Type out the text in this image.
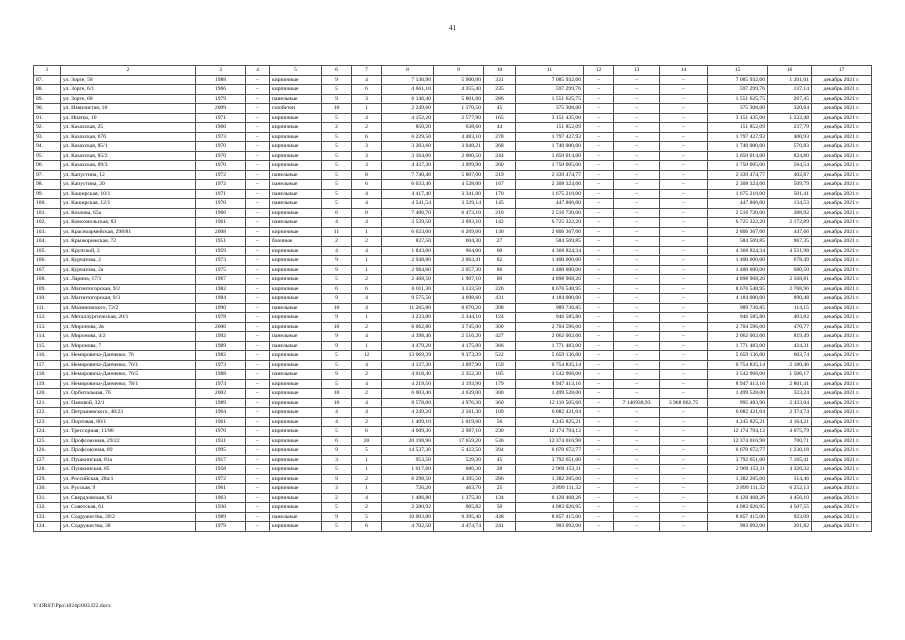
41
1	2	3	4	5	6	7	8	9	10	11	12	13	14	15	16	17
87.	ул. Зорге, 58	1988	–	кирпичные	9	4	7 136,90	5 900,00	331	7 085 932,00	–	–	–	7 085 932,00	1 201,01	декабрь 2021 г.
88.	ул. Зорге, 6/1	1966	–	кирпичные	5	6	4 661,10	4 355,40	235	597 299,76	–	–	–	597 299,76	137,14	декабрь 2021 г.
89.	ул. Зорге, 68	1979	–	панельные	9	3	6 146,40	5 801,60	286	1 551 625,75	–	–	–	1 551 625,75	267,45	декабрь 2021 г.
90.	ул. Извилистая, 10	2009	–	газобетон	10	1	2 249,60	1 170,50	45	375 308,00	–	–	–	375 308,00	320,64	декабрь 2021 г.
91.	ул. Ипатко, 10	1971	–	кирпичные	5	4	4 152,20	2 577,90	165	3 151 435,00	–	–	–	3 151 435,00	1 222,48	декабрь 2021 г.
92.	ул. Казахская, 25	1960	–	кирпичные	2	2	850,20	638,60	44	151 852,09	–	–	–	151 852,09	237,79	декабрь 2021 г.
93.	ул. Казахская, 67б	1973	–	кирпичные	5	6	6 229,50	4 483,10	278	1 797 427,93	–	–	–	1 797 427,93	400,93	декабрь 2021 г.
94.	ул. Казахская, 85/1	1970	–	кирпичные	5	3	3 203,60	3 048,21	268	1 740 000,00	–	–	–	1 740 000,00	570,83	декабрь 2021 г.
95.	ул. Казахская, 85/2	1970	–	кирпичные	5	3	3 164,00	2 000,50	244	1 650 014,00	–	–	–	1 650 014,00	824,80	декабрь 2021 г.
96.	ул. Казахская, 89/3	1970	–	кирпичные	5	3	4 437,30	3 099,90	260	1 750 005,00	–	–	–	1 750 005,00	564,54	декабрь 2021 г.
97.	ул. Капустина, 12	1972	–	панельные	5	8	7 740,40	5 807,00	219	2 339 474,77	–	–	–	2 339 474,77	402,87	декабрь 2021 г.
98.	ул. Капустина, 20	1972	–	панельные	5	6	6 033,40	4 528,00	167	2 308 324,00	–	–	–	2 308 324,00	509,79	декабрь 2021 г.
99.	ул. Каширская, 10/1	1971	–	панельные	5	4	4 417,40	3 341,00	170	1 675 210,00	–	–	–	1 675 210,00	501,41	декабрь 2021 г.
100.	ул. Каширская, 12/1	1970	–	панельные	5	4	4 541,54	3 329,14	145	447 866,00	–	–	–	447 866,00	134,53	декабрь 2021 г.
101.	ул. Козлова, 65а	1966	–	кирпичные	6	8	7 406,70	6 473,10	210	2 516 720,00	–	–	–	2 516 720,00	388,92	декабрь 2021 г.
102.	ул. Комсомольская, 83	1961	–	панельные	4	4	3 539,50	3 093,10	142	6 725 322,20	–	–	–	6 725 322,20	2 172,89	декабрь 2021 г.
103.	ул. Красноармейская, 298/81	2008	–	кирпичные	11	1	6 623,00	6 269,00	130	2 806 367,00	–	–	–	2 806 367,00	447,66	декабрь 2021 г.
104.	ул. Крыжорижская, 72	1951	–	блочные	2	2	827,50	604,30	27	584 569,85	–	–	–	584 569,85	967,35	декабрь 2021 г.
105.	ул. Крупской, 2	1959	–	кирпичные	4	4	1 843,60	964,00	60	4 368 824,34	–	–	–	4 368 824,34	4 531,98	декабрь 2021 г.
106.	ул. Курчатова, 2	1973	–	кирпичные	9	1	2 948,80	2 063,41	82	1 400 000,00	–	–	–	1 400 000,00	678,49	декабрь 2021 г.
107.	ул. Курчатова, 2а	1975	–	кирпичные	9	1	2 984,60	2 057,30	86	1 400 000,00	–	–	–	1 400 000,00	680,50	декабрь 2021 г.
108.	ул. Ларина, 17/1	1967	–	кирпичные	5	2	2 468,50	1 907,10	89	4 898 968,26	–	–	–	4 898 968,26	2 568,81	декабрь 2021 г.
109.	ул. Магнитогорская, 9/2	1982	–	кирпичные	6	6	6 011,30	3 133,50	226	8 676 548,95	–	–	–	8 676 548,95	2 768,96	декабрь 2021 г.
110.	ул. Магнитогорская, 9/3	1984	–	кирпичные	9	4	9 575,50	4 698,60	431	4 184 000,00	–	–	–	4 184 000,00	890,48	декабрь 2021 г.
111.	ул. Малиновского, 72/2	1990	–	панельные	10	4	11 265,80	8 670,20	398	989 736,85	–	–	–	989 736,85	114,15	декабрь 2021 г.
112.	ул. Металлургическая, 20/1	1978	–	кирпичные	9	1	3 233,00	2 344,10	124	946 585,80	–	–	–	946 585,80	403,82	декабрь 2021 г.
113.	ул. Миронова, 2в	2006	–	кирпичные	10	2	6 062,80	3 745,00	300	2 704 596,00	–	–	–	2 704 596,00	470,77	декабрь 2021 г.
114.	ул. Миронова, 4/2	1992	–	панельные	9	4	4 398,40	2 516,20	427	2 062 002,00	–	–	–	2 062 002,00	819,49	декабрь 2021 г.
115.	ул. Миронова, 7	1989	–	панельные	9	1	4 479,20	4 175,00	366	1 771 483,00	–	–	–	1 771 483,00	424,31	декабрь 2021 г.
116.	ул. Немировича-Данченко, 76	1982	–	кирпичные	5	12	13 069,39	9 373,39	522	5 659 136,00	–	–	–	5 659 136,00	603,74	декабрь 2021 г.
117.	ул. Немировича-Данченко, 76/1	1973	–	кирпичные	5	4	4 127,30	3 097,90	159	6 754 835,14	–	–	–	6 754 835,14	2 180,46	декабрь 2021 г.
118.	ул. Немировича-Данченко, 76/5	1988	–	панельные	9	2	4 018,40	2 352,30	185	3 542 966,00	–	–	–	3 542 966,00	1 506,17	декабрь 2021 г.
119.	ул. Немировича-Данченко, 78/1	1974	–	кирпичные	5	4	4 219,50	3 193,90	179	8 947 413,16	–	–	–	8 947 413,16	2 801,41	декабрь 2021 г.
120.	ул. Орбитальная, 76	2002	–	кирпичные	10	2	6 003,40	4 639,00	300	1 499 528,00	–	–	–	1 499 528,00	323,24	декабрь 2021 г.
121.	ул. Пановой, 32/1	1989	–	кирпичные	10	4	8 578,00	4 976,30	360	12 110 505,60	–	7 146938,93	3 968 062,75	995 483,90	2 433,64	декабрь 2021 г.
122.	ул. Петрашевского, 48/23	1964	–	кирпичные	4	4	4 249,20	2 561,30	109	6 082 421,04	–	–	–	6 082 421,04	2 374,74	декабрь 2021 г.
123.	ул. Портовая, 80/1	1961	–	кирпичные	4	2	1 409,10	1 019,60	56	4 245 825,21	–	–	–	4 245 825,21	4 164,21	декабрь 2021 г.
124.	ул. Трессорная, 11/80	1970	–	кирпичные	5	6	4 609,30	2 987,10	230	12 174 794,12	–	–	–	12 174 794,12	4 075,79	декабрь 2021 г.
125.	ул. Профсоюзная, 29/22	1931	–	кирпичные	6	20	20 198,90	17 659,20	536	12 374 016,98	–	–	–	12 374 016,98	700,71	декабрь 2021 г.
126.	ул. Профсоюзная, 89	1995	–	кирпичные	9	5	14 537,30	5 422,50	394	6 670 672,77	–	–	–	6 670 672,77	1 230,18	декабрь 2021 г.
127.	ул. Пушкинская, 81а	1917	–	кирпичные	3	1	953,50	529,30	45	3 792 651,00	–	–	–	3 792 651,00	7 165,41	декабрь 2021 г.
128.	ул. Пушкинская, 85	1958	–	кирпичные	5	1	1 017,60	686,30	28	2 969 153,11	–	–	–	2 969 153,11	4 326,32	декабрь 2021 г.
129.	ул. Российская, 28а/1	1972	–	кирпичные	9	2	6 298,50	4 395,50	286	1 382 205,00	–	–	–	1 382 205,00	314,46	декабрь 2021 г.
130.	ул. Русская, 9	1961	–	кирпичные	3	1	726,20	463,70	25	2 899 111,32	–	–	–	2 899 111,32	6 252,13	декабрь 2021 г.
131.	ул. Свердловская, 83	1963	–	кирпичные	2	4	1 486,80	1 375,30	134	6 128 468,26	–	–	–	6 128 468,26	4 456,10	декабрь 2021 г.
132.	ул. Советская, 61	1930	–	кирпичные	5	2	2 280,92	905,82	50	4 083 026,95	–	–	–	4 083 026,95	4 507,55	декабрь 2021 г.
133.	ул. Содружества, 39/2	1989	–	панельные	9	5	10 003,00	9 395,40	438	8 857 415,00	–	–	–	8 857 415,00	923,09	декабрь 2021 г.
134.	ул. Содружества, 38	1979	–	кирпичные	5	6	4 702,50	4 474,74	241	903 092,00	–	–	–	903 092,00	201,82	декабрь 2021 г.
Y:\ORST\Ppo\1024p\003.f22.docx
